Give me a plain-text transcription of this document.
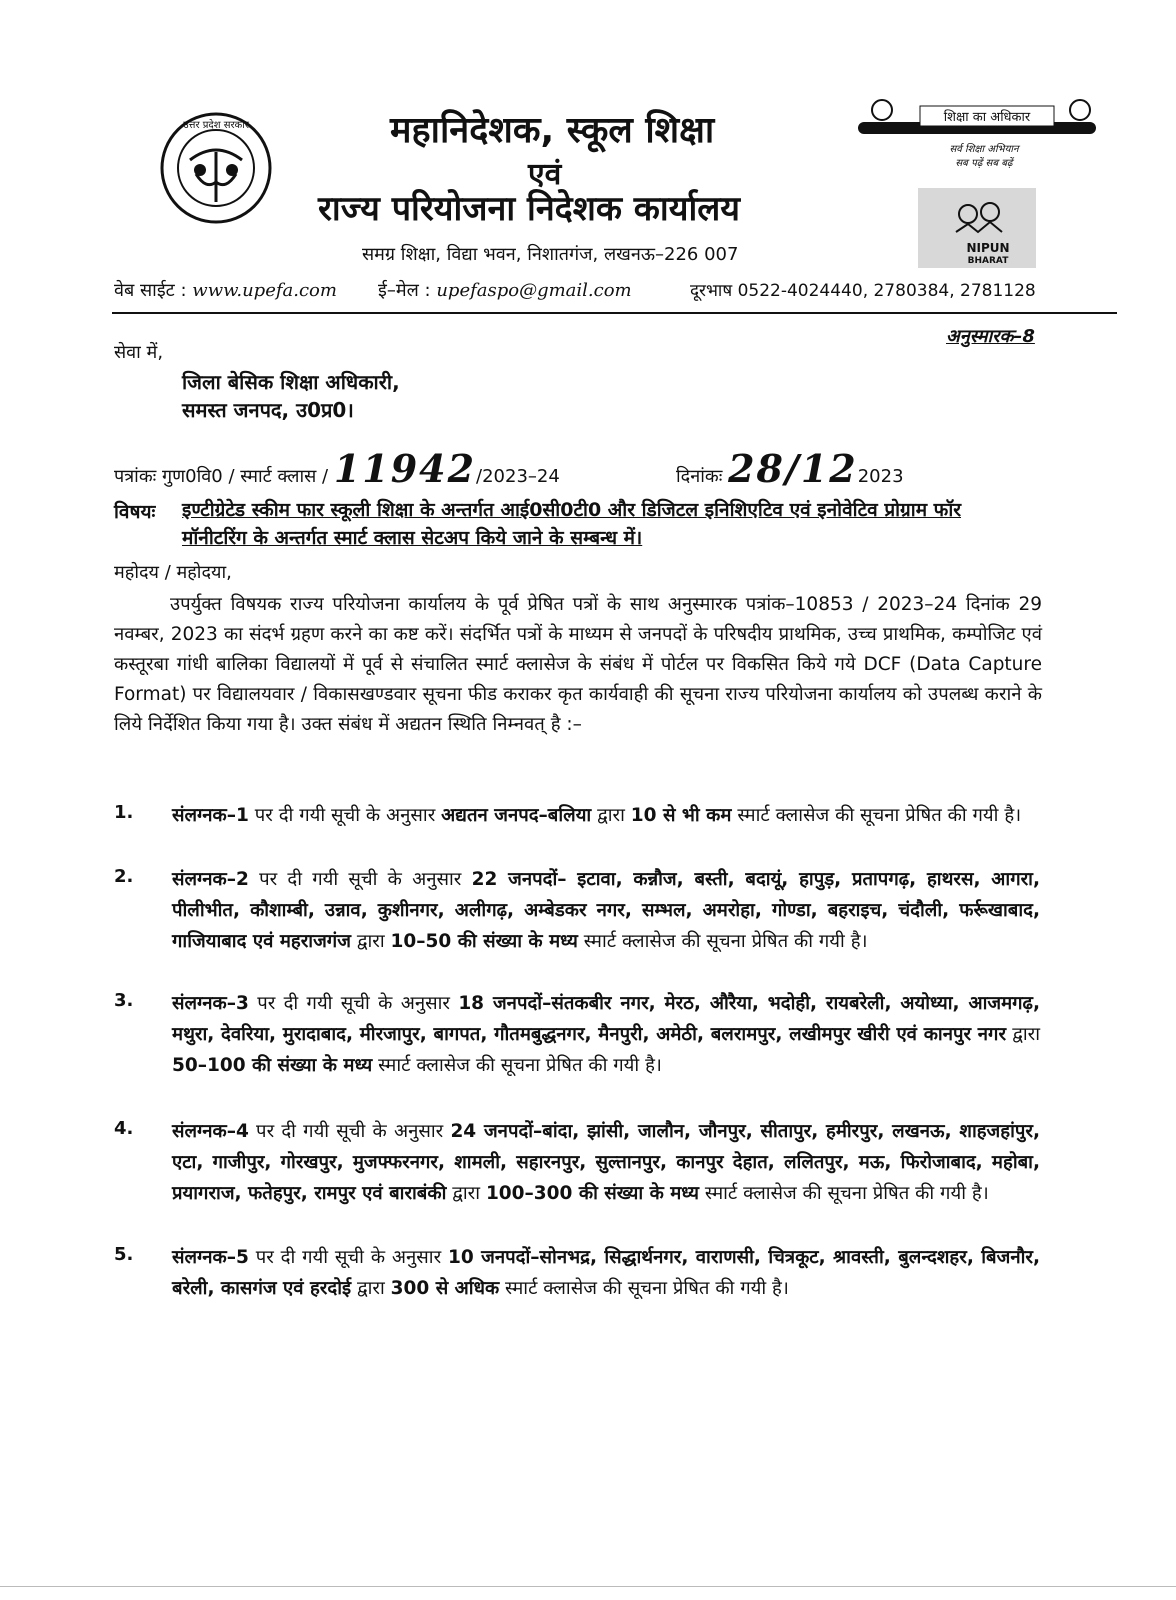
उत्तर प्रदेश सरकार
शिक्षा का अधिकार
सर्व शिक्षा अभियान
सब पढ़ें सब बढ़ें
NIPUN
BHARAT
महानिदेशक, स्कूल शिक्षा
एवं
राज्य परियोजना निदेशक कार्यालय
समग्र शिक्षा, विद्या भवन, निशातगंज, लखनऊ–226 007
वेब साईट : www.upefa.com ई–मेल : upefaspo@gmail.com	दूरभाष 0522-4024440, 2780384, 2781128
अनुस्मारक–8
सेवा में,
जिला बेसिक शिक्षा अधिकारी,
समस्त जनपद, उ0प्र0।
पत्रांकः गुण0वि0 / स्मार्ट क्लास / 11942/2023–24	दिनांकः 28/122023
विषयः इण्टीग्रेटेड स्कीम फार स्कूली शिक्षा के अन्तर्गत आई0सी0टी0 और डिजिटल इनिशिएटिव एवं इनोवेटिव प्रोग्राम फॉर मॉनीटरिंग के अन्तर्गत स्मार्ट क्लास सेटअप किये जाने के सम्बन्ध में।
महोदय / महोदया,
उपर्युक्त विषयक राज्य परियोजना कार्यालय के पूर्व प्रेषित पत्रों के साथ अनुस्मारक पत्रांक–10853 / 2023–24 दिनांक 29 नवम्बर, 2023 का संदर्भ ग्रहण करने का कष्ट करें। संदर्भित पत्रों के माध्यम से जनपदों के परिषदीय प्राथमिक, उच्च प्राथमिक, कम्पोजिट एवं कस्तूरबा गांधी बालिका विद्यालयों में पूर्व से संचालित स्मार्ट क्लासेज के संबंध में पोर्टल पर विकसित किये गये DCF (Data Capture Format) पर विद्यालयवार / विकासखण्डवार सूचना फीड कराकर कृत कार्यवाही की सूचना राज्य परियोजना कार्यालय को उपलब्ध कराने के लिये निर्देशित किया गया है। उक्त संबंध में अद्यतन स्थिति निम्नवत् है :–
1. संलग्नक–1 पर दी गयी सूची के अनुसार अद्यतन जनपद–बलिया द्वारा 10 से भी कम स्मार्ट क्लासेज की सूचना प्रेषित की गयी है।
2. संलग्नक–2 पर दी गयी सूची के अनुसार 22 जनपदों– इटावा, कन्नौज, बस्ती, बदायूं, हापुड़, प्रतापगढ़, हाथरस, आगरा, पीलीभीत, कौशाम्बी, उन्नाव, कुशीनगर, अलीगढ़, अम्बेडकर नगर, सम्भल, अमरोहा, गोण्डा, बहराइच, चंदौली, फर्रूखाबाद, गाजियाबाद एवं महराजगंज द्वारा 10–50 की संख्या के मध्य स्मार्ट क्लासेज की सूचना प्रेषित की गयी है।
3. संलग्नक–3 पर दी गयी सूची के अनुसार 18 जनपदों–संतकबीर नगर, मेरठ, औरैया, भदोही, रायबरेली, अयोध्या, आजमगढ़, मथुरा, देवरिया, मुरादाबाद, मीरजापुर, बागपत, गौतमबुद्धनगर, मैनपुरी, अमेठी, बलरामपुर, लखीमपुर खीरी एवं कानपुर नगर द्वारा 50–100 की संख्या के मध्य स्मार्ट क्लासेज की सूचना प्रेषित की गयी है।
4. संलग्नक–4 पर दी गयी सूची के अनुसार 24 जनपदों–बांदा, झांसी, जालौन, जौनपुर, सीतापुर, हमीरपुर, लखनऊ, शाहजहांपुर, एटा, गाजीपुर, गोरखपुर, मुजफ्फरनगर, शामली, सहारनपुर, सुल्तानपुर, कानपुर देहात, ललितपुर, मऊ, फिरोजाबाद, महोबा, प्रयागराज, फतेहपुर, रामपुर एवं बाराबंकी द्वारा 100–300 की संख्या के मध्य स्मार्ट क्लासेज की सूचना प्रेषित की गयी है।
5. संलग्नक–5 पर दी गयी सूची के अनुसार 10 जनपदों–सोनभद्र, सिद्धार्थनगर, वाराणसी, चित्रकूट, श्रावस्ती, बुलन्दशहर, बिजनौर, बरेली, कासगंज एवं हरदोई द्वारा 300 से अधिक स्मार्ट क्लासेज की सूचना प्रेषित की गयी है।
